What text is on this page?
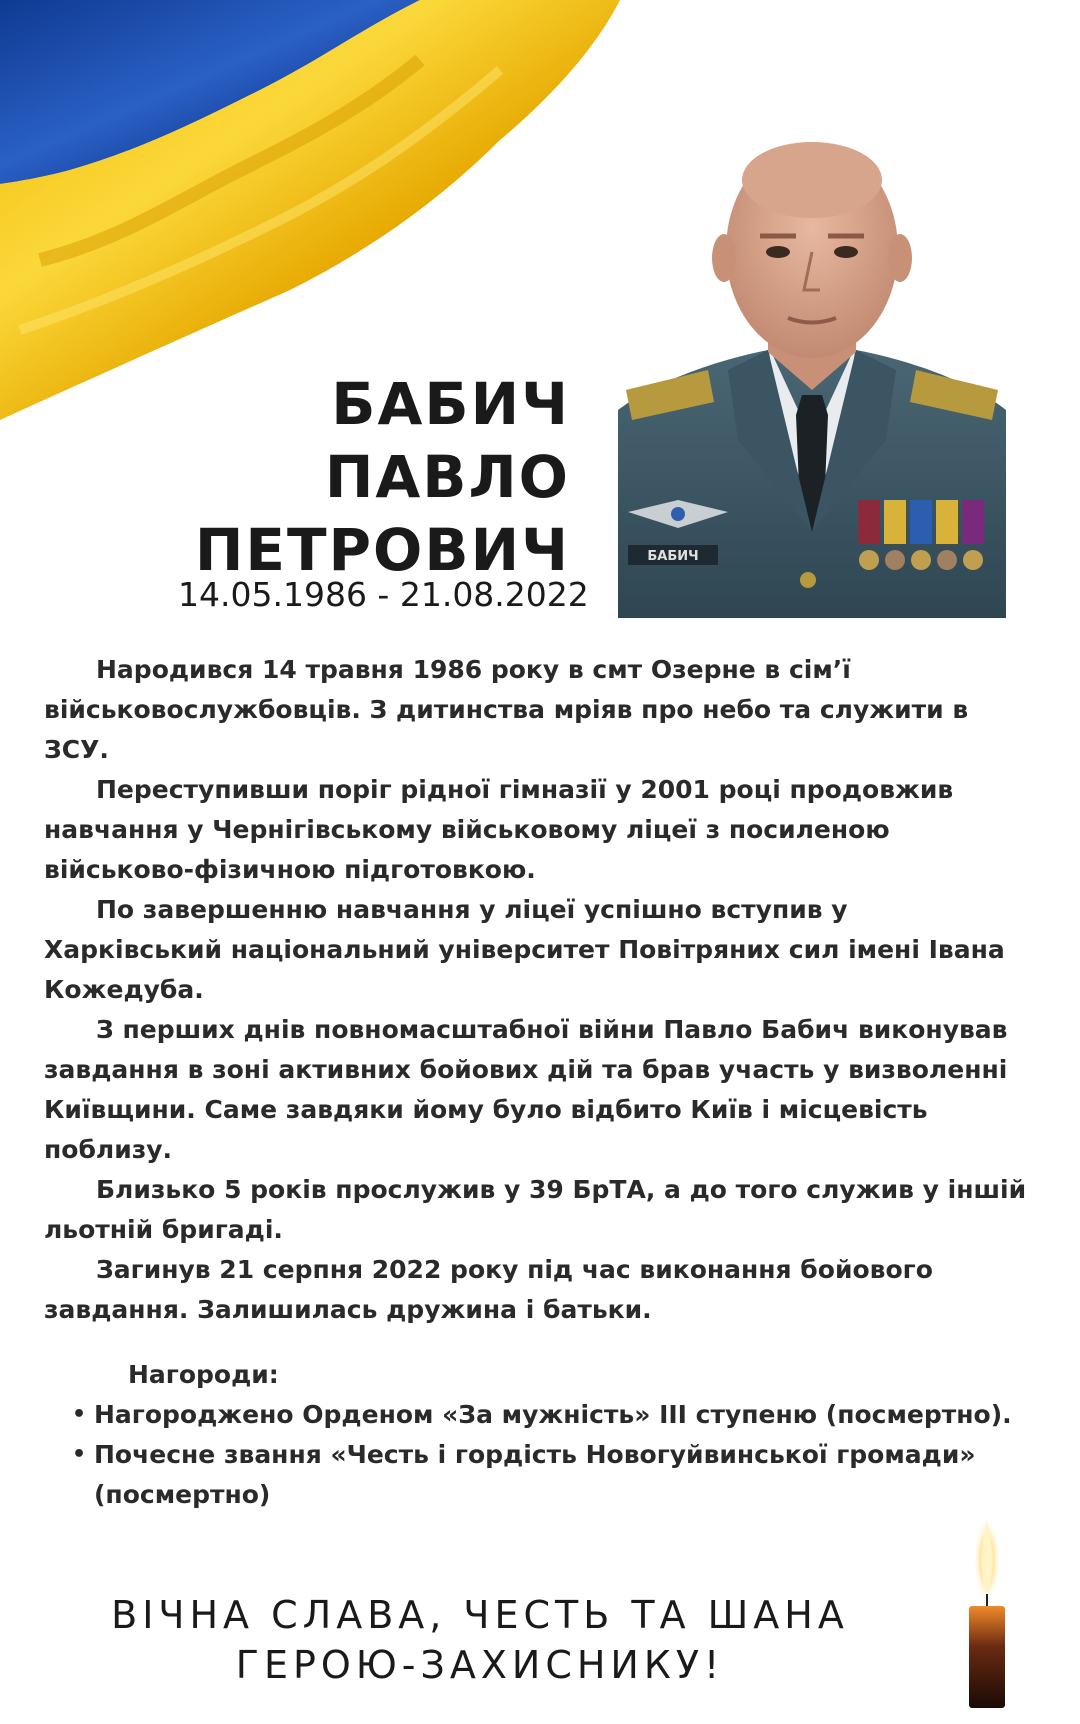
БАБИЧ
ПАВЛО
ПЕТРОВИЧ
14.05.1986 - 21.08.2022
БАБИЧ

Народився 14 травня 1986 року в смт Озерне в сім’ї військовослужбовців. З дитинства мріяв про небо та служити в ЗСУ.

Переступивши поріг рідної гімназії у 2001 році продовжив навчання у Чернігівському військовому ліцеї з посиленою військово-фізичною підготовкою.

По завершенню навчання у ліцеї успішно вступив у Харківський національний університет Повітряних сил імені Івана Кожедуба.

З перших днів повномасштабної війни Павло Бабич виконував завдання в зоні активних бойових дій та брав участь у визволенні Київщини. Саме завдяки йому було відбито Київ і місцевість поблизу.

Близько 5 років прослужив у 39 БрТА, а до того служив у іншій льотній бригаді.

Загинув 21 серпня 2022 року під час виконання бойового завдання. Залишилась дружина і батьки.

Нагороди:
• Нагороджено Орденом «За мужність» ІІІ ступеню (посмертно).
• Почесне звання «Честь і гордість Новогуйвинської громади» (посмертно)
ВІЧНА СЛАВА, ЧЕСТЬ ТА ШАНА
ГЕРОЮ-ЗАХИСНИКУ!
